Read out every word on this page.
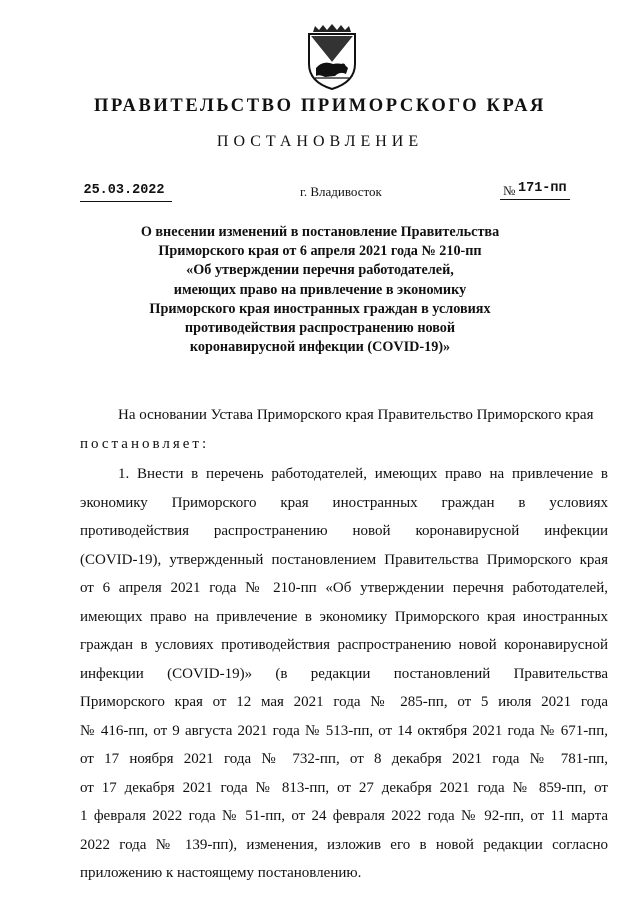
ПРАВИТЕЛЬСТВО ПРИМОРСКОГО КРАЯ
ПОСТАНОВЛЕНИЕ
25.03.2022	г. Владивосток	№ 171-пп
О внесении изменений в постановление Правительства
Приморского края от 6 апреля 2021 года № 210-пп
«Об утверждении перечня работодателей,
имеющих право на привлечение в экономику
Приморского края иностранных граждан в условиях
противодействия распространению новой
коронавирусной инфекции (COVID-19)»
На основании Устава Приморского края Правительство Приморского края
постановляет:
1. Внести в перечень работодателей, имеющих право на привлечение в
экономику Приморского края иностранных граждан в условиях
противодействия распространению новой коронавирусной инфекции
(COVID-19), утвержденный постановлением Правительства Приморского края
от 6 апреля 2021 года № 210-пп «Об утверждении перечня работодателей,
имеющих право на привлечение в экономику Приморского края иностранных
граждан в условиях противодействия распространению новой коронавирусной
инфекции (COVID-19)» (в редакции постановлений Правительства
Приморского края от 12 мая 2021 года № 285-пп, от 5 июля 2021 года
№ 416-пп, от 9 августа 2021 года № 513-пп, от 14 октября 2021 года № 671-пп,
от 17 ноября 2021 года № 732-пп, от 8 декабря 2021 года № 781-пп,
от 17 декабря 2021 года № 813-пп, от 27 декабря 2021 года № 859-пп, от
1 февраля 2022 года № 51-пп, от 24 февраля 2022 года № 92-пп, от 11 марта
2022 года № 139-пп), изменения, изложив его в новой редакции согласно
приложению к настоящему постановлению.
